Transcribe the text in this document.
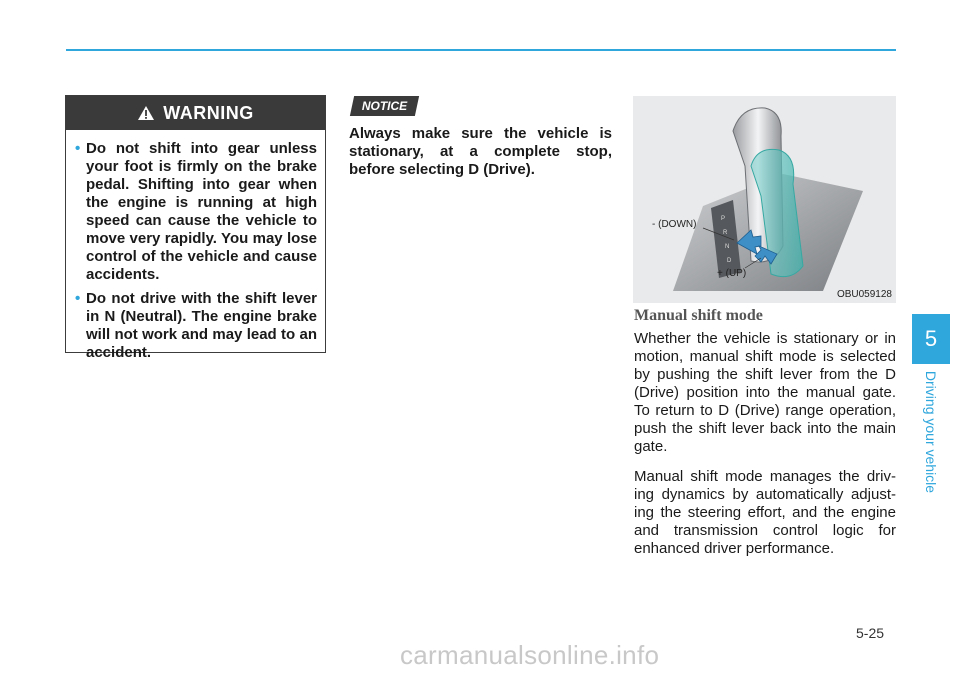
WARNING
• Do not shift into gear unless your foot is firmly on the brake pedal. Shifting into gear when the engine is running at high speed can cause the vehicle to move very rapidly. You may lose control of the vehicle and cause accidents.
• Do not drive with the shift lever in N (Neutral). The engine brake will not work and may lead to an accident.
NOTICE
Always make sure the vehicle is stationary, at a complete stop, before selecting D (Drive).
P
R
N
D
- (DOWN)
+ (UP)
OBU059128
Manual shift mode
Whether the vehicle is stationary or in motion, manual shift mode is selected by pushing the shift lever from the D (Drive) position into the manual gate. To return to D (Drive) range operation, push the shift lever back into the main gate.
Manual shift mode manages the driv-ing dynamics by automatically adjust-ing the steering effort, and the engine and transmission control logic for enhanced driver performance.
5-25
5
Driving your vehicle
carmanualsonline.info
